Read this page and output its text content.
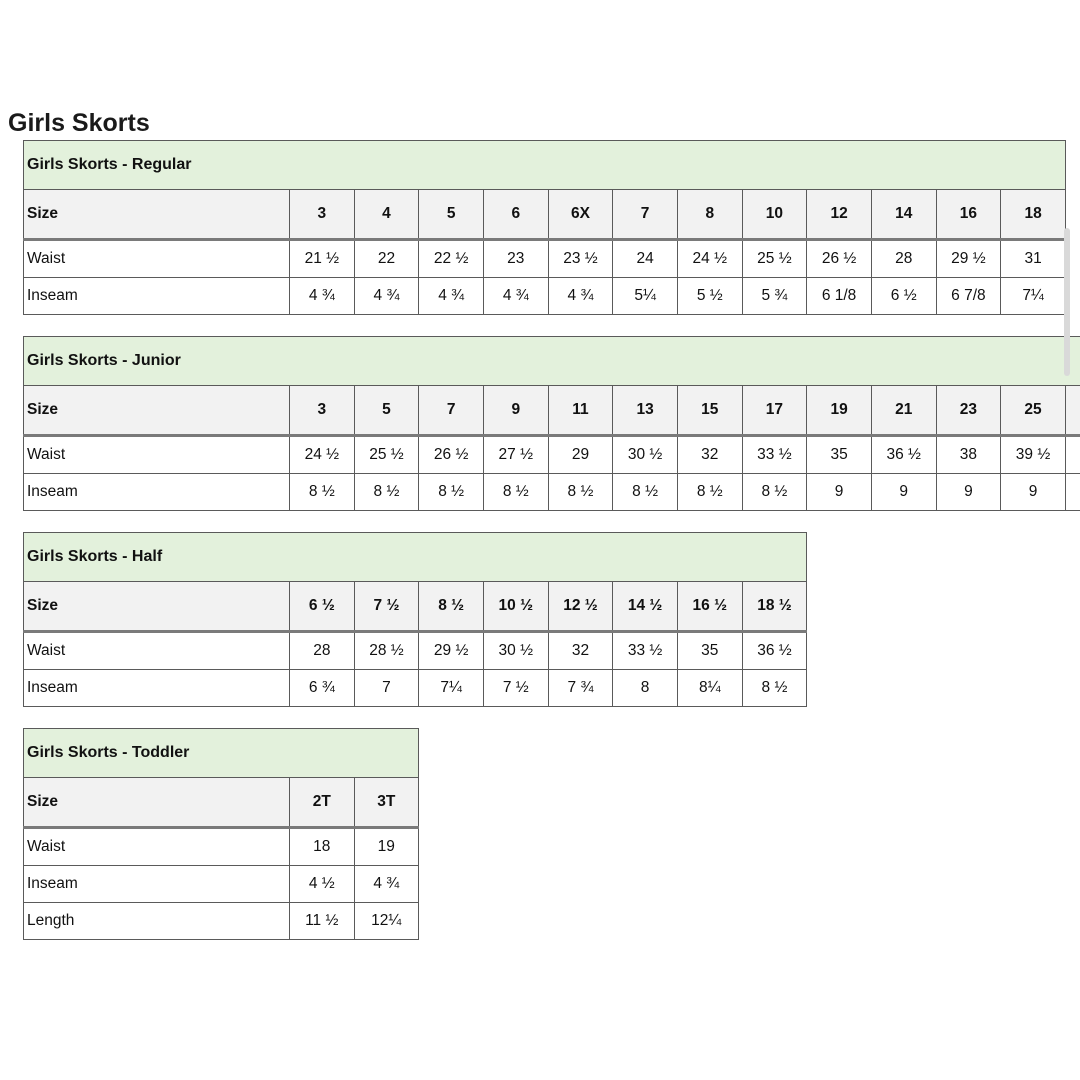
Girls Skorts
Girls Skorts - Regular												
Size	3	4	5	6	6X	7	8	10	12	14	16	18
Waist	21 ½	22	22 ½	23	23 ½	24	24 ½	25 ½	26 ½	28	29 ½	31
Inseam	4 ¾	4 ¾	4 ¾	4 ¾	4 ¾	5¼	5 ½	5 ¾	6 1/8	6 ½	6 7/8	7¼
Girls Skorts - Junior													
Size	3	5	7	9	11	13	15	17	19	21	23	25	
Waist	24 ½	25 ½	26 ½	27 ½	29	30 ½	32	33 ½	35	36 ½	38	39 ½	
Inseam	8 ½	8 ½	8 ½	8 ½	8 ½	8 ½	8 ½	8 ½	9	9	9	9	
Girls Skorts - Half								
Size	6 ½	7 ½	8 ½	10 ½	12 ½	14 ½	16 ½	18 ½
Waist	28	28 ½	29 ½	30 ½	32	33 ½	35	36 ½
Inseam	6 ¾	7	7¼	7 ½	7 ¾	8	8¼	8 ½
Girls Skorts - Toddler		
Size	2T	3T
Waist	18	19
Inseam	4 ½	4 ¾
Length	11 ½	12¼
